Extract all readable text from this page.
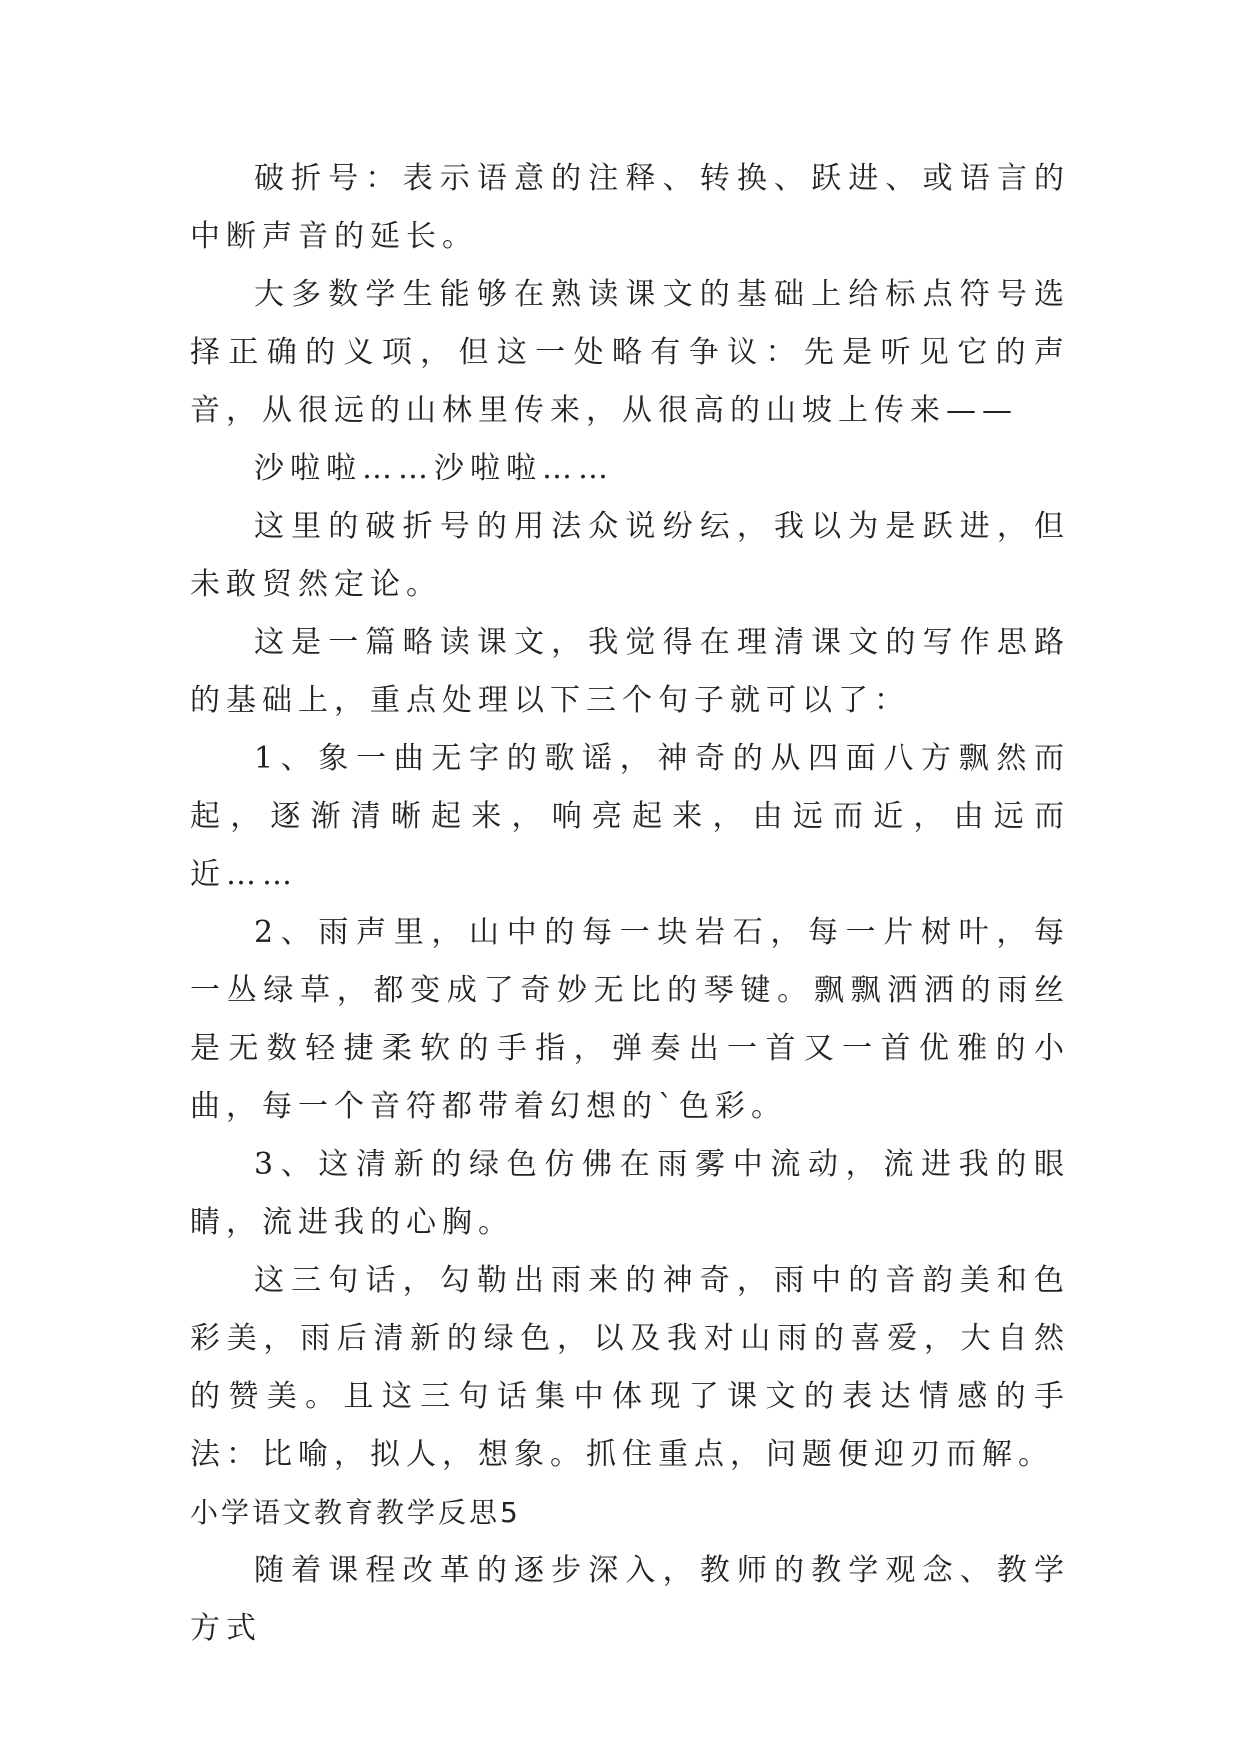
破折号：表示语意的注释、转换、跃进、或语言的中断声音的延长。

大多数学生能够在熟读课文的基础上给标点符号选择正确的义项，但这一处略有争议：先是听见它的声音，从很远的山林里传来，从很高的山坡上传来——

沙啦啦……沙啦啦……

这里的破折号的用法众说纷纭，我以为是跃进，但未敢贸然定论。

这是一篇略读课文，我觉得在理清课文的写作思路的基础上，重点处理以下三个句子就可以了：

1、象一曲无字的歌谣，神奇的从四面八方飘然而起，逐渐清晰起来，响亮起来，由远而近，由远而近……

2、雨声里，山中的每一块岩石，每一片树叶，每一丛绿草，都变成了奇妙无比的琴键。飘飘洒洒的雨丝是无数轻捷柔软的手指，弹奏出一首又一首优雅的小曲，每一个音符都带着幻想的`色彩。

3、这清新的绿色仿佛在雨雾中流动，流进我的眼睛，流进我的心胸。

这三句话，勾勒出雨来的神奇，雨中的音韵美和色彩美，雨后清新的绿色，以及我对山雨的喜爱，大自然的赞美。且这三句话集中体现了课文的表达情感的手法：比喻，拟人，想象。抓住重点，问题便迎刃而解。

小学语文教育教学反思5

随着课程改革的逐步深入，教师的教学观念、教学方式
